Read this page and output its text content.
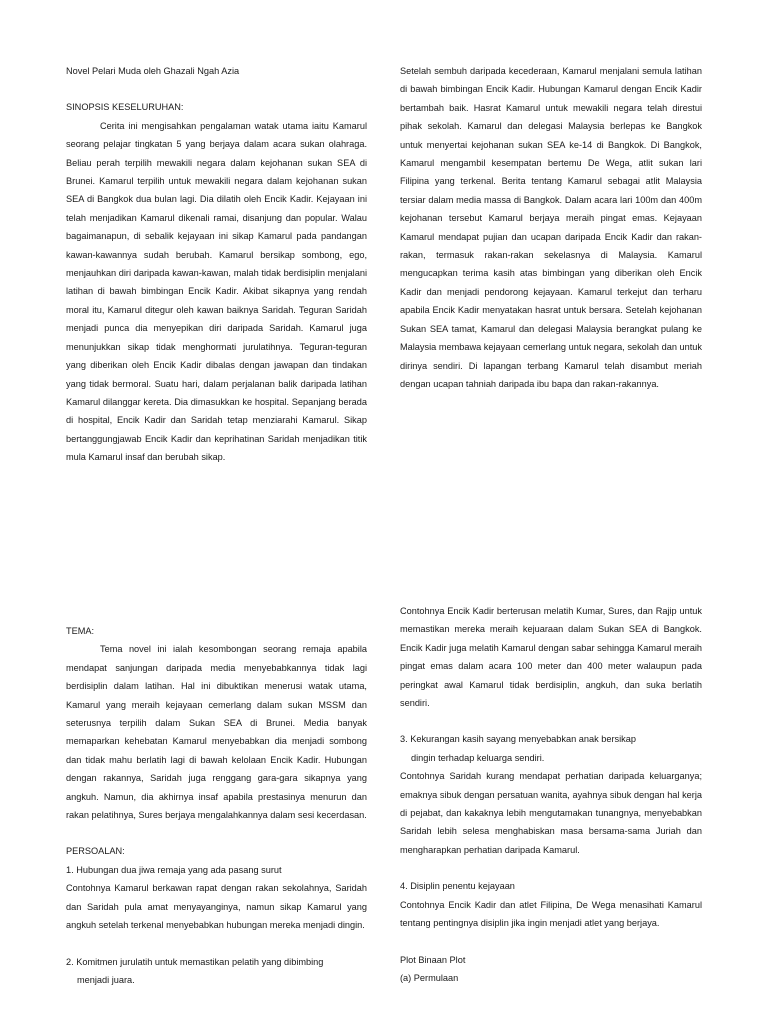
Novel Pelari Muda oleh Ghazali Ngah Azia

SINOPSIS KESELURUHAN:

Cerita ini mengisahkan pengalaman watak utama iaitu Kamarul seorang pelajar tingkatan 5 yang berjaya dalam acara sukan olahraga. Beliau perah terpilih mewakili negara dalam kejohanan sukan SEA di Brunei. Kamarul terpilih untuk mewakili negara dalam kejohanan sukan SEA di Bangkok dua bulan lagi. Dia dilatih oleh Encik Kadir. Kejayaan ini telah menjadikan Kamarul dikenali ramai, disanjung dan popular. Walau bagaimanapun, di sebalik kejayaan ini sikap Kamarul pada pandangan kawan-kawannya sudah berubah. Kamarul bersikap sombong, ego, menjauhkan diri daripada kawan-kawan, malah tidak berdisiplin menjalani latihan di bawah bimbingan Encik Kadir. Akibat sikapnya yang rendah moral itu, Kamarul ditegur oleh kawan baiknya Saridah. Teguran Saridah menjadi punca dia menyepikan diri daripada Saridah. Kamarul juga menunjukkan sikap tidak menghormati jurulatihnya. Teguran-teguran yang diberikan oleh Encik Kadir dibalas dengan jawapan dan tindakan yang tidak bermoral. Suatu hari, dalam perjalanan balik daripada latihan Kamarul dilanggar kereta. Dia dimasukkan ke hospital. Sepanjang berada di hospital, Encik Kadir dan Saridah tetap menziarahi Kamarul. Sikap bertanggungjawab Encik Kadir dan keprihatinan Saridah menjadikan titik mula Kamarul insaf dan berubah sikap.

Setelah sembuh daripada kecederaan, Kamarul menjalani semula latihan di bawah bimbingan Encik Kadir. Hubungan Kamarul dengan Encik Kadir bertambah baik. Hasrat Kamarul untuk mewakili negara telah direstui pihak sekolah. Kamarul dan delegasi Malaysia berlepas ke Bangkok untuk menyertai kejohanan sukan SEA ke-14 di Bangkok. Di Bangkok, Kamarul mengambil kesempatan bertemu De Wega, atlit sukan lari Filipina yang terkenal. Berita tentang Kamarul sebagai atlit Malaysia tersiar dalam media massa di Bangkok. Dalam acara lari 100m dan 400m kejohanan tersebut Kamarul berjaya meraih pingat emas. Kejayaan Kamarul mendapat pujian dan ucapan daripada Encik Kadir dan rakan-rakan, termasuk rakan-rakan sekelasnya di Malaysia. Kamarul mengucapkan terima kasih atas bimbingan yang diberikan oleh Encik Kadir dan menjadi pendorong kejayaan. Kamarul terkejut dan terharu apabila Encik Kadir menyatakan hasrat untuk bersara. Setelah kejohanan Sukan SEA tamat, Kamarul dan delegasi Malaysia berangkat pulang ke Malaysia membawa kejayaan cemerlang untuk negara, sekolah dan untuk dirinya sendiri. Di lapangan terbang Kamarul telah disambut meriah dengan ucapan tahniah daripada ibu bapa dan rakan-rakannya.

TEMA:

Tema novel ini ialah kesombongan seorang remaja apabila mendapat sanjungan daripada media menyebabkannya tidak lagi berdisiplin dalam latihan. Hal ini dibuktikan menerusi watak utama, Kamarul yang meraih kejayaan cemerlang dalam sukan MSSM dan seterusnya terpilih dalam Sukan SEA di Brunei. Media banyak memaparkan kehebatan Kamarul menyebabkan dia menjadi sombong dan tidak mahu berlatih lagi di bawah kelolaan Encik Kadir. Hubungan dengan rakannya, Saridah juga renggang gara-gara sikapnya yang angkuh. Namun, dia akhirnya insaf apabila prestasinya menurun dan rakan pelatihnya, Sures berjaya mengalahkannya dalam sesi kecerdasan.

PERSOALAN:

1. Hubungan dua jiwa remaja yang ada pasang surut

Contohnya Kamarul berkawan rapat dengan rakan sekolahnya, Saridah dan Saridah pula amat menyayanginya, namun sikap Kamarul yang angkuh setelah terkenal menyebabkan hubungan mereka menjadi dingin.

2. Komitmen jurulatih untuk memastikan pelatih yang dibimbing

menjadi juara.

Contohnya Encik Kadir berterusan melatih Kumar, Sures, dan Rajip untuk memastikan mereka meraih kejuaraan dalam Sukan SEA di Bangkok. Encik Kadir juga melatih Kamarul dengan sabar sehingga Kamarul meraih pingat emas dalam acara 100 meter dan 400 meter walaupun pada peringkat awal Kamarul tidak berdisiplin, angkuh, dan suka berlatih sendiri.

3. Kekurangan kasih sayang menyebabkan anak bersikap

dingin terhadap keluarga sendiri.

Contohnya Saridah kurang mendapat perhatian daripada keluarganya; emaknya sibuk dengan persatuan wanita, ayahnya sibuk dengan hal kerja di pejabat, dan kakaknya lebih mengutamakan tunangnya, menyebabkan Saridah lebih selesa menghabiskan masa bersama-sama Juriah dan mengharapkan perhatian daripada Kamarul.

4. Disiplin penentu kejayaan

Contohnya Encik Kadir dan atlet Filipina, De Wega menasihati Kamarul tentang pentingnya disiplin jika ingin menjadi atlet yang berjaya.

Plot Binaan Plot

(a) Permulaan
